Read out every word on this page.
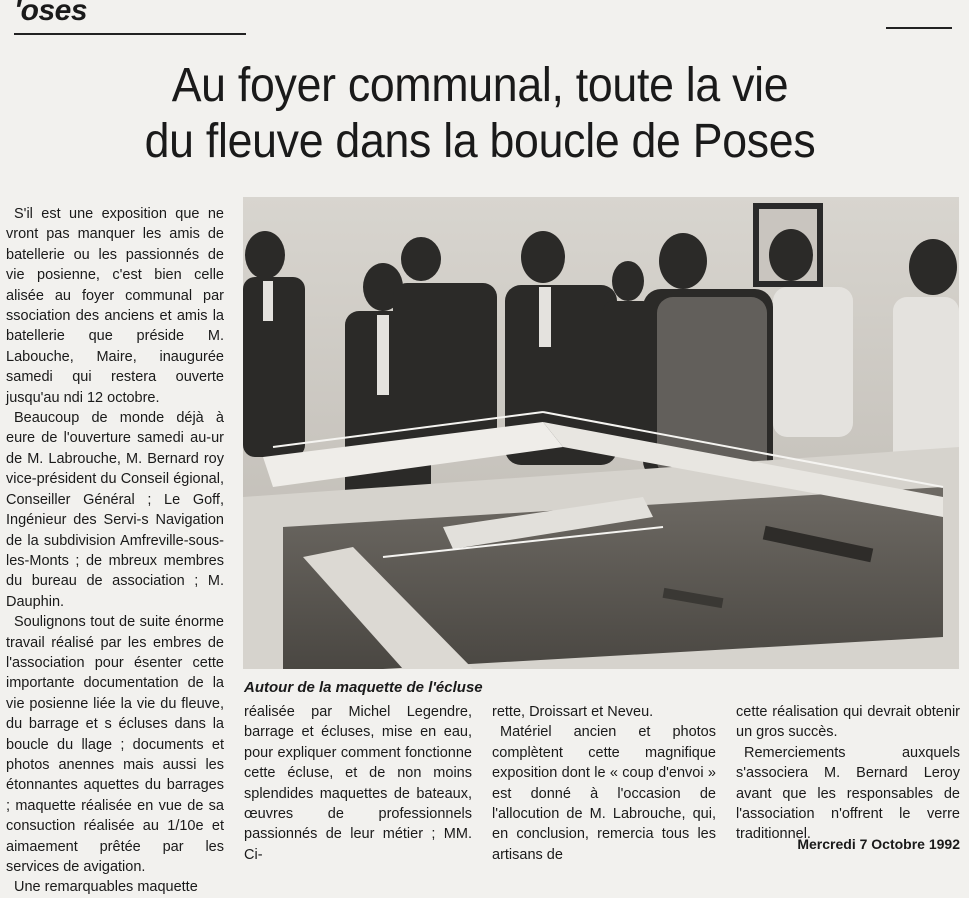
'oses
Au foyer communal, toute la vie
du fleuve dans la boucle de Poses

S'il est une exposition que ne vront pas manquer les amis de batellerie ou les passionnés de vie posienne, c'est bien celle alisée au foyer communal par ssociation des anciens et amis la batellerie que préside M. Labouche, Maire, inaugurée samedi qui restera ouverte jusqu'au ndi 12 octobre.

Beaucoup de monde déjà à eure de l'ouverture samedi au-ur de M. Labrouche, M. Bernard roy vice-président du Conseil égional, Conseiller Général ; Le Goff, Ingénieur des Servi-s Navigation de la subdivision Amfreville-sous-les-Monts ; de mbreux membres du bureau de association ; M. Dauphin.

Soulignons tout de suite énorme travail réalisé par les embres de l'association pour ésenter cette importante documentation de la vie posienne liée la vie du fleuve, du barrage et s écluses dans la boucle du llage ; documents et photos anennes mais aussi les étonnantes aquettes du barrages ; maquette réalisée en vue de sa consuction réalisée au 1/10e et aimaement prêtée par les services de avigation.

Une remarquables maquette

Autour de la maquette de l'écluse

réalisée par Michel Legendre, barrage et écluses, mise en eau, pour expliquer comment fonctionne cette écluse, et de non moins splendides maquettes de bateaux, œuvres de professionnels passionnés de leur métier ; MM. Ci-

rette, Droissart et Neveu.

Matériel ancien et photos complètent cette magnifique exposition dont le « coup d'envoi » est donné à l'occasion de l'allocution de M. Labrouche, qui, en conclusion, remercia tous les artisans de

cette réalisation qui devrait obtenir un gros succès.

Remerciements auxquels s'associera M. Bernard Leroy avant que les responsables de l'association n'offrent le verre traditionnel.

Mercredi 7 Octobre 1992
